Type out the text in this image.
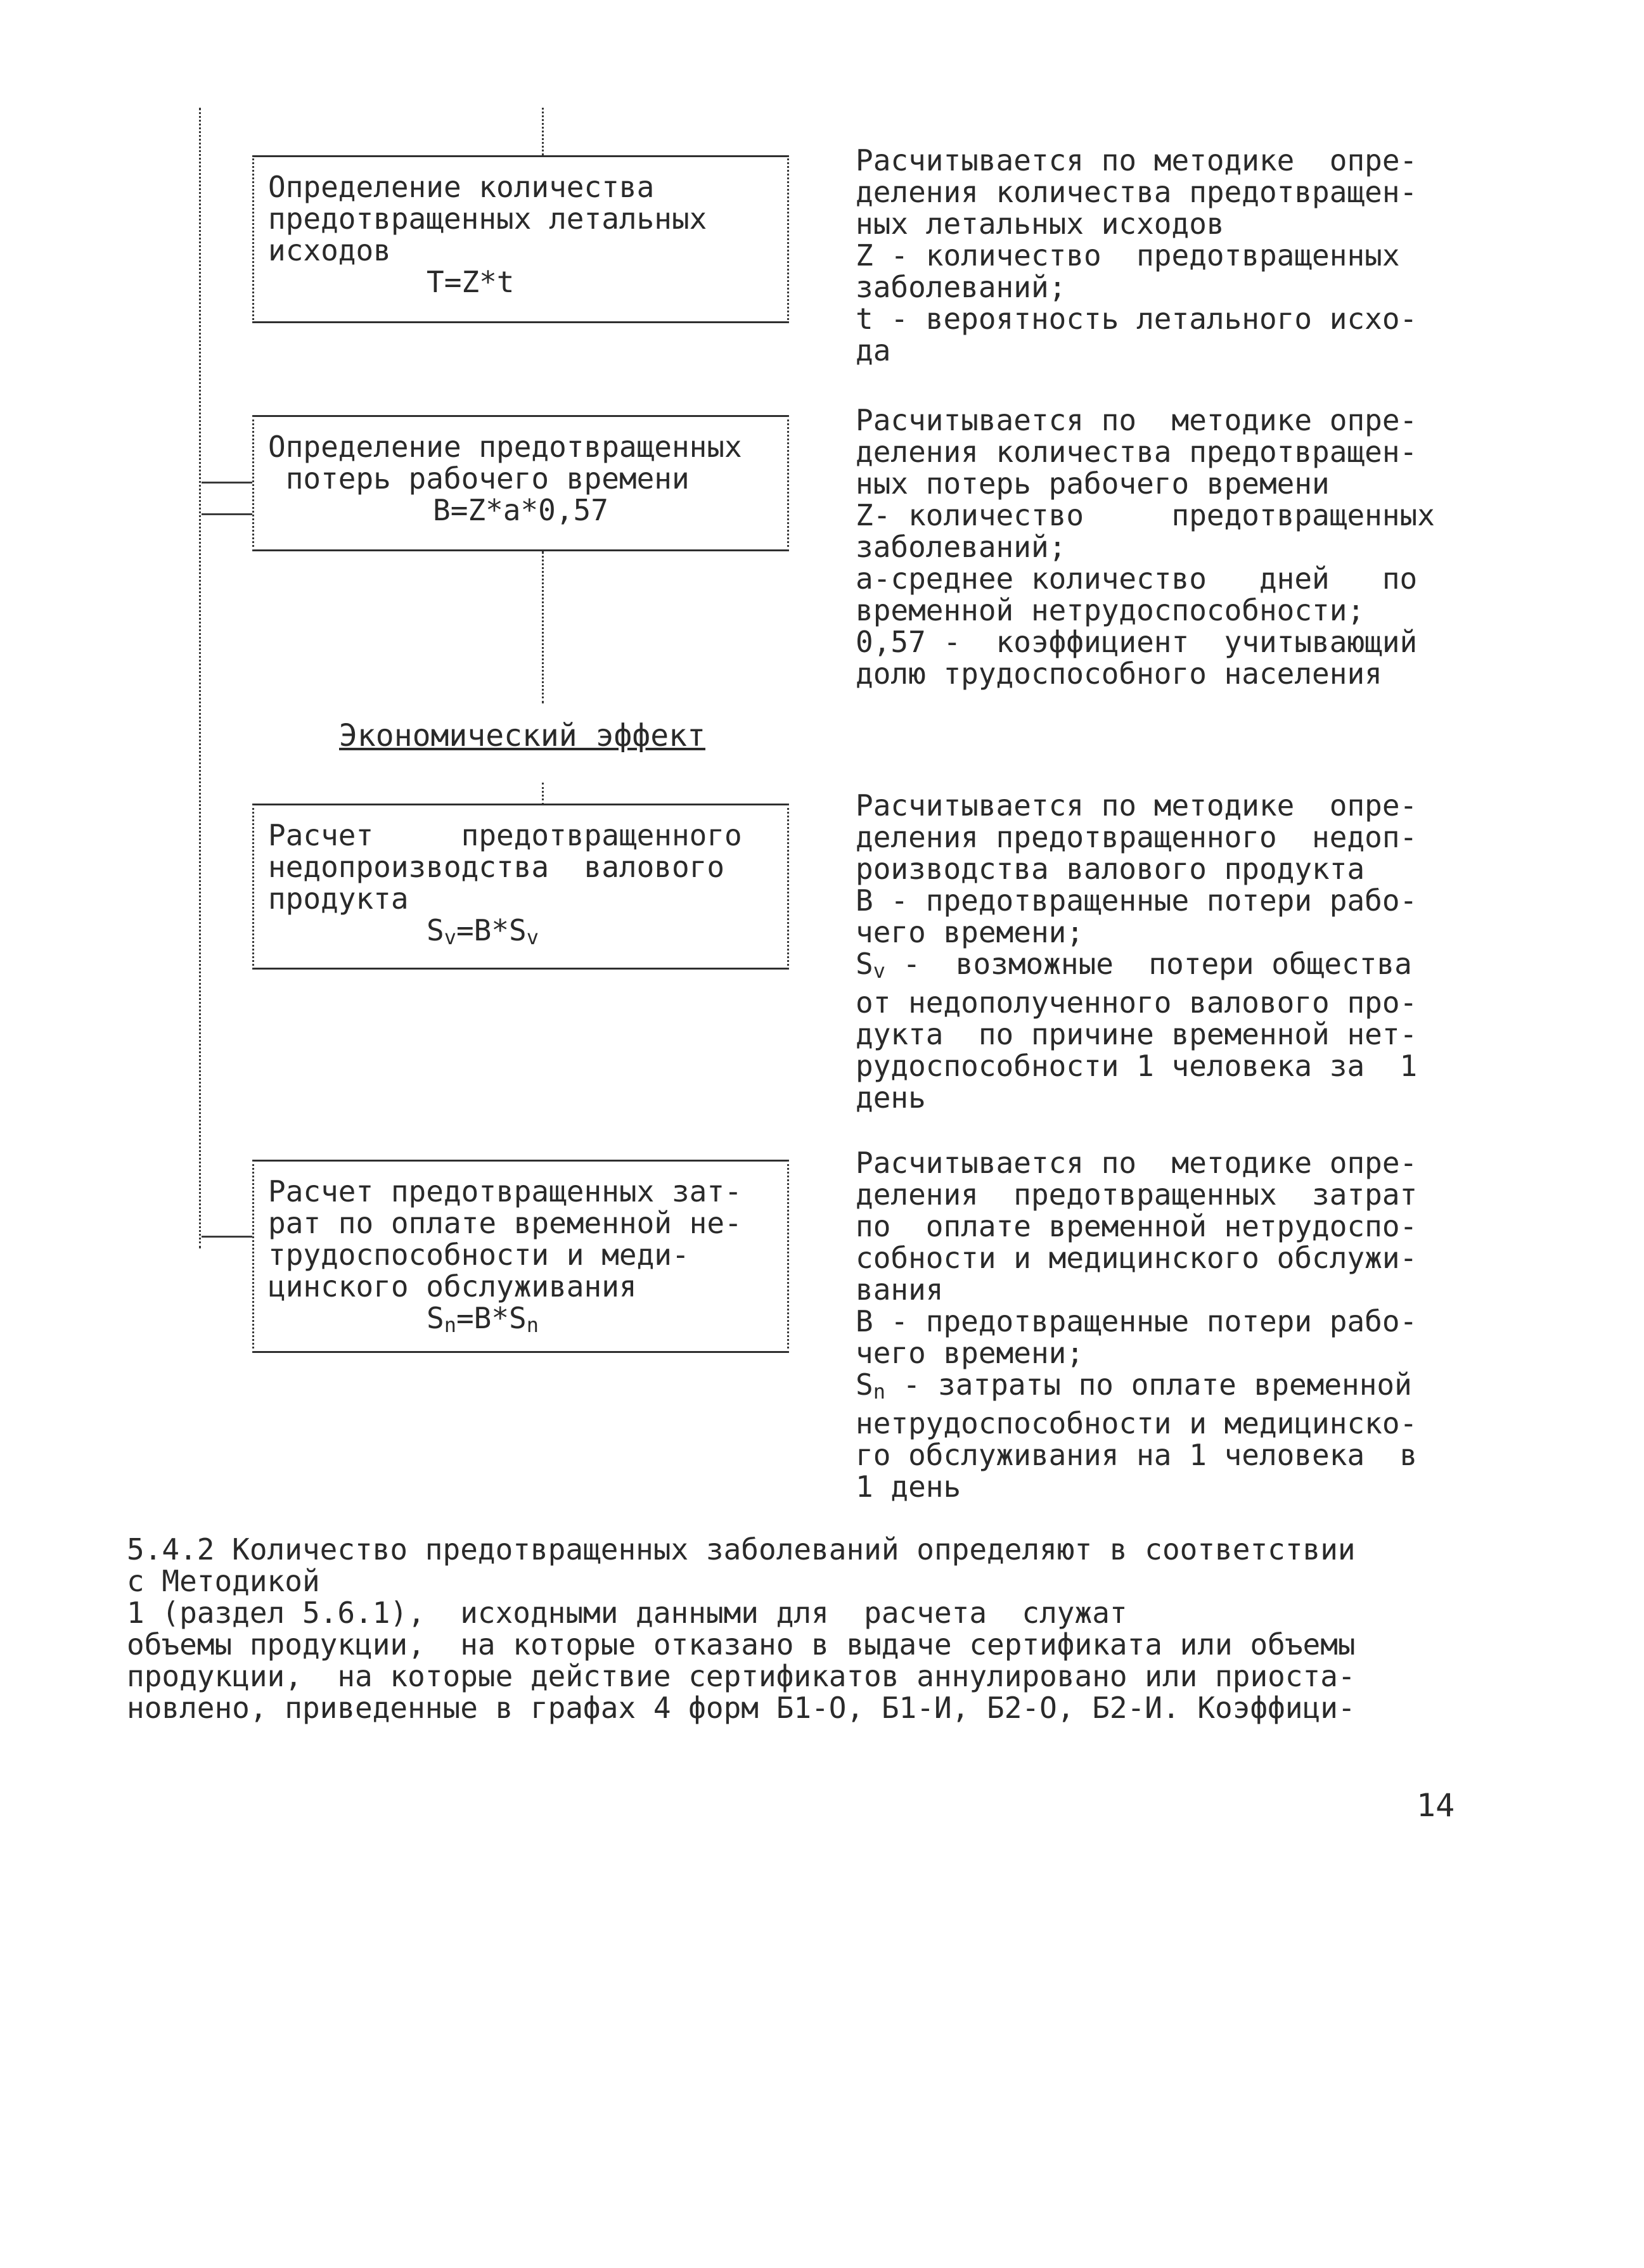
Определение количества
предотвращенных летальных
исходов
T=Z*t
Расчитывается по методике  опре-
деления количества предотвращен-
ных летальных исходов
Z - количество  предотвращенных
заболеваний;
t - вероятность летального исхо-
да
Определение предотвращенных
потерь рабочего времени
B=Z*a*0,57
Расчитывается по  методике опре-
деления количества предотвращен-
ных потерь рабочего времени
Z- количество     предотвращенных
заболеваний;
a-среднее количество   дней   по
временной нетрудоспособности;
0,57 -  коэффициент  учитывающий
долю трудоспособного населения
Экономический эффект
Расчет     предотвращенного
недопроизводства  валового
продукта
$S_v=B*S_v$
Расчитывается по методике  опре-
деления предотвращенного  недоп-
роизводства валового продукта
B - предотвращенные потери рабо-
чего времени;
$S_v$ -  возможные  потери общества
от недополученного валового про-
дукта  по причине временной нет-
рудоспособности 1 человека за  1
день
Расчет предотвращенных зат-
рат по оплате временной не-
трудоспособности и меди-
цинского обслуживания
$S_n=B*S_n$
Расчитывается по  методике опре-
деления  предотвращенных  затрат
по  оплате временной нетрудоспо-
собности и медицинского обслужи-
вания
B - предотвращенные потери рабо-
чего времени;
$S_n$ - затраты по оплате временной
нетрудоспособности и медицинско-
го обслуживания на 1 человека  в
1 день
5.4.2 Количество предотвращенных заболеваний определяют в соответствии
с Методикой
1 (раздел 5.6.1),  исходными данными для  расчета  служат
объемы продукции,  на которые отказано в выдаче сертификата или объемы
продукции,  на которые действие сертификатов аннулировано или приоста-
новлено, приведенные в графах 4 форм Б1-О, Б1-И, Б2-О, Б2-И. Коэффици-
14
